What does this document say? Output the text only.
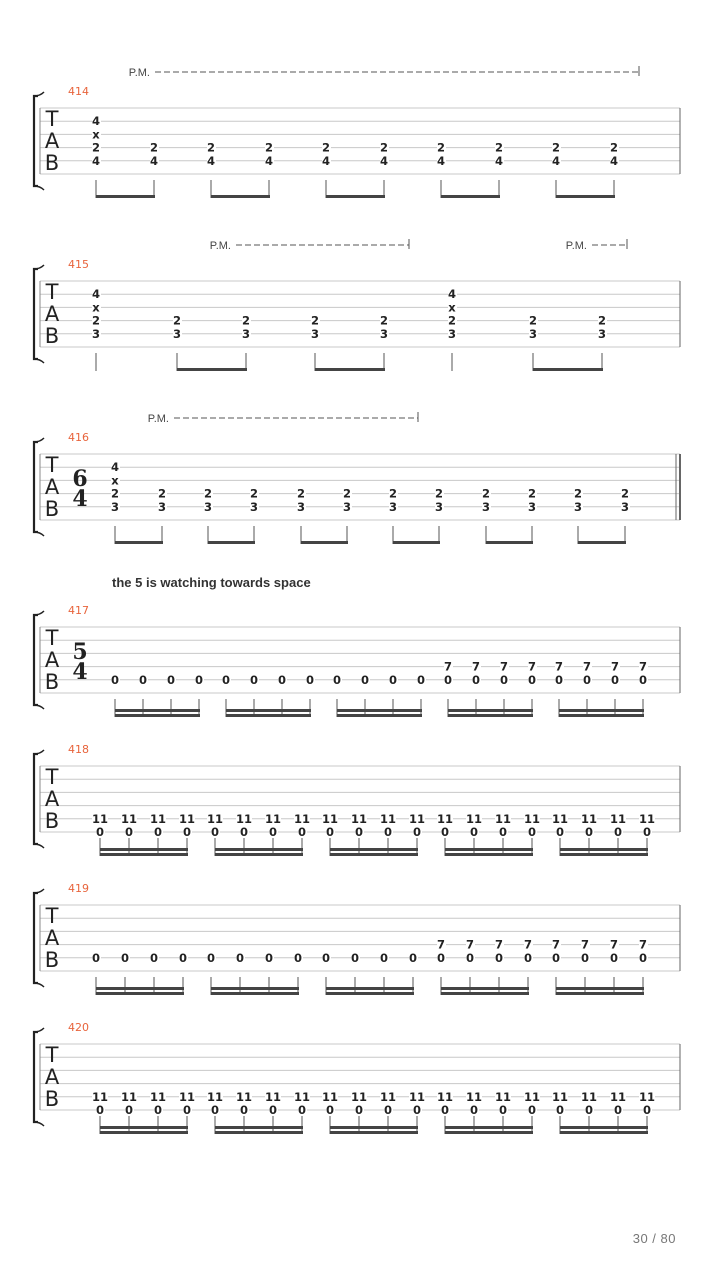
T
A
B
414
P.M.
4
x
2
4
2
4
2
4
2
4
2
4
2
4
2
4
2
4
2
4
2
4
T
A
B
415
P.M.	P.M.
4
x
2
3
2
3
2
3
2
3
2
3
4
x
2
3
2
3
2
3
T
A
B
416
6
4
P.M.
4
x
2
3
2
3
2
3
2
3
2
3
2
3
2
3
2
3
2
3
2
3
2
3
2
3
T
A
B
417
5
4
the 5 is watching towards space
0 0 0 0 0 0 0 0 0 0 0 0
7
0
7
0
7
0
7
0
7
0
7
0
7
0
7
0
T
A
B
418
11
0
11
0
11
0
11
0
11
0
11
0
11
0
11
0
11
0
11
0
11
0
11
0
11
0
11
0
11
0
11
0
11
0
11
0
11
0
11
0
T
A
B
419
0 0 0 0 0 0 0 0 0 0 0 0
7
0
7
0
7
0
7
0
7
0
7
0
7
0
7
0
T
A
B
420
11
0
11
0
11
0
11
0
11
0
11
0
11
0
11
0
11
0
11
0
11
0
11
0
11
0
11
0
11
0
11
0
11
0
11
0
11
0
11
0
30 / 80
